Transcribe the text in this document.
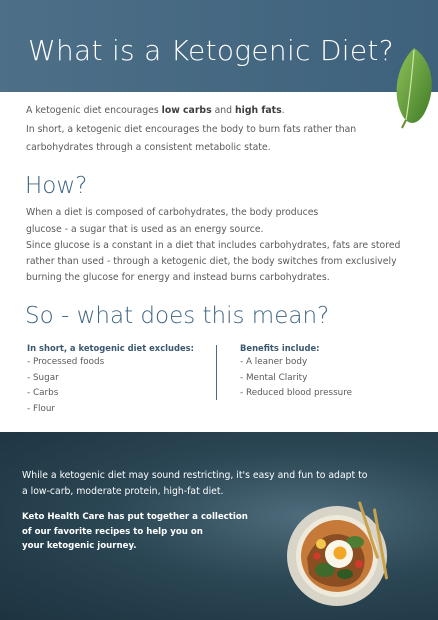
What is a Ketogenic Diet?
A ketogenic diet encourages low carbs and high fats.
In short, a ketogenic diet encourages the body to burn fats rather than
carbohydrates through a consistent metabolic state.
How?
When a diet is composed of carbohydrates, the body produces
glucose - a sugar that is used as an energy source.
Since glucose is a constant in a diet that includes carbohydrates, fats are stored
rather than used - through a ketogenic diet, the body switches from exclusively
burning the glucose for energy and instead burns carbohydrates.
So - what does this mean?
In short, a ketogenic diet excludes:
- Processed foods
- Sugar
- Carbs
- Flour
Benefits include:
- A leaner body
- Mental Clarity
- Reduced blood pressure
While a ketogenic diet may sound restricting, it's easy and fun to adapt to
a low-carb, moderate protein, high-fat diet.
Keto Health Care has put together a collection
of our favorite recipes to help you on
your ketogenic journey.
